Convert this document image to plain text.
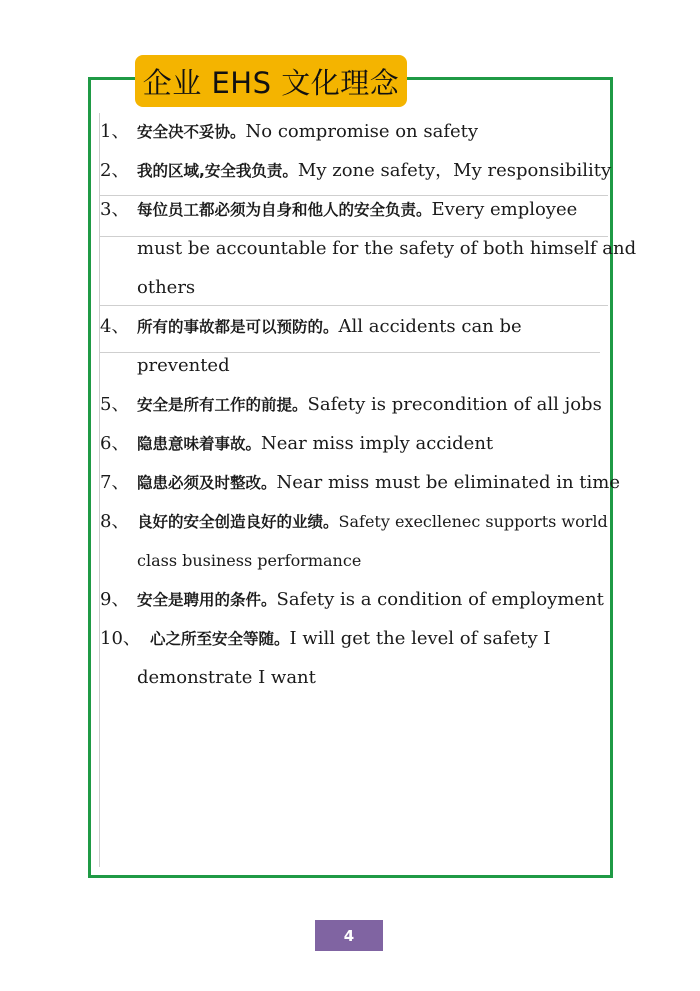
企业 EHS 文化理念
1、 安全决不妥协。No compromise on safety
2、 我的区域,安全我负责。My zone safety，My responsibility
3、 每位员工都必须为自身和他人的安全负责。Every employee
must be accountable for the safety of both himself and
others
4、 所有的事故都是可以预防的。All accidents can be
prevented
5、 安全是所有工作的前提。Safety is precondition of all jobs
6、 隐患意味着事故。Near miss imply accident
7、 隐患必须及时整改。Near miss must be eliminated in time
8、 良好的安全创造良好的业绩。Safety execllenec supports world
class business performance
9、 安全是聘用的条件。Safety is a condition of employment
10、 心之所至安全等随。I will get the level of safety I
demonstrate I want
4
